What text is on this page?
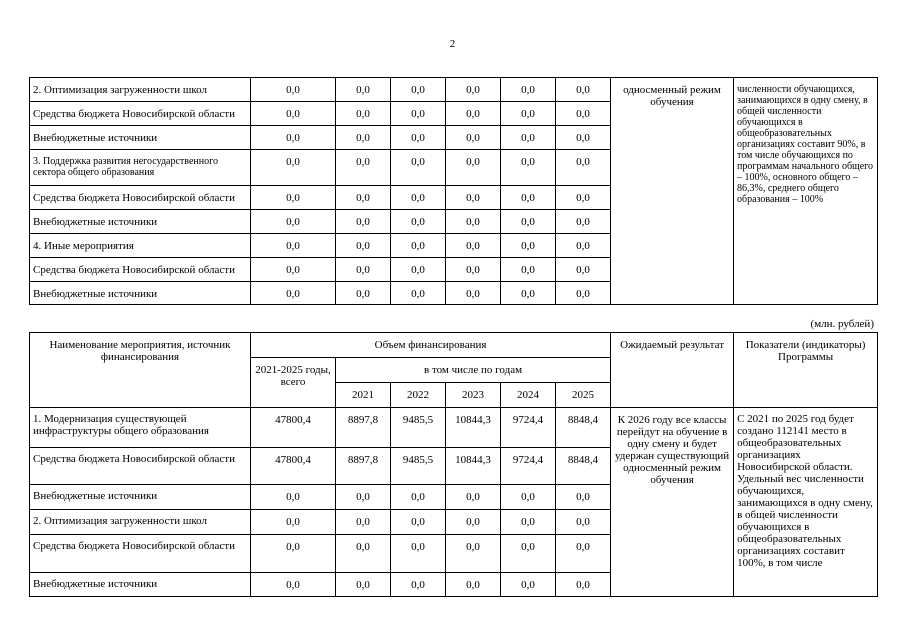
2
2. Оптимизация загруженности школ	0,0	0,0	0,0	0,0	0,0	0,0	односменный режим обучения	численности обучающихся, занимающихся в одну смену, в общей численности обучающихся в общеобразовательных организациях составит 90%, в том числе обучающихся по программам начального общего – 100%, основного общего – 86,3%, среднего общего образования – 100%
Средства бюджета Новосибирской области	0,0	0,0	0,0	0,0	0,0	0,0		
Внебюджетные источники	0,0	0,0	0,0	0,0	0,0	0,0		
3. Поддержка развития негосударственного сектора общего образования	0,0	0,0	0,0	0,0	0,0	0,0		
Средства бюджета Новосибирской области	0,0	0,0	0,0	0,0	0,0	0,0		
Внебюджетные источники	0,0	0,0	0,0	0,0	0,0	0,0		
4. Иные мероприятия	0,0	0,0	0,0	0,0	0,0	0,0		
Средства бюджета Новосибирской области	0,0	0,0	0,0	0,0	0,0	0,0		
Внебюджетные источники	0,0	0,0	0,0	0,0	0,0	0,0		
(млн. рублей)
Наименование мероприятия, источник финансирования	Объем финансирования						Ожидаемый результат	Показатели (индикаторы) Программы
	2021-2025 годы, всего	в том числе по годам						
		2021	2022	2023	2024	2025		
1. Модернизация существующей инфраструктуры общего образования	47800,4	8897,8	9485,5	10844,3	9724,4	8848,4	К 2026 году все классы перейдут на обучение в одну смену и будет удержан существующий односменный режим обучения	С 2021 по 2025 год будет создано 112141 место в общеобразовательных организациях Новосибирской области. Удельный вес численности обучающихся, занимающихся в одну смену, в общей численности обучающихся в общеобразовательных организациях составит 100%, в том числе
Средства бюджета Новосибирской области	47800,4	8897,8	9485,5	10844,3	9724,4	8848,4		
Внебюджетные источники	0,0	0,0	0,0	0,0	0,0	0,0		
2. Оптимизация загруженности школ	0,0	0,0	0,0	0,0	0,0	0,0		
Средства бюджета Новосибирской области	0,0	0,0	0,0	0,0	0,0	0,0		
Внебюджетные источники	0,0	0,0	0,0	0,0	0,0	0,0		
